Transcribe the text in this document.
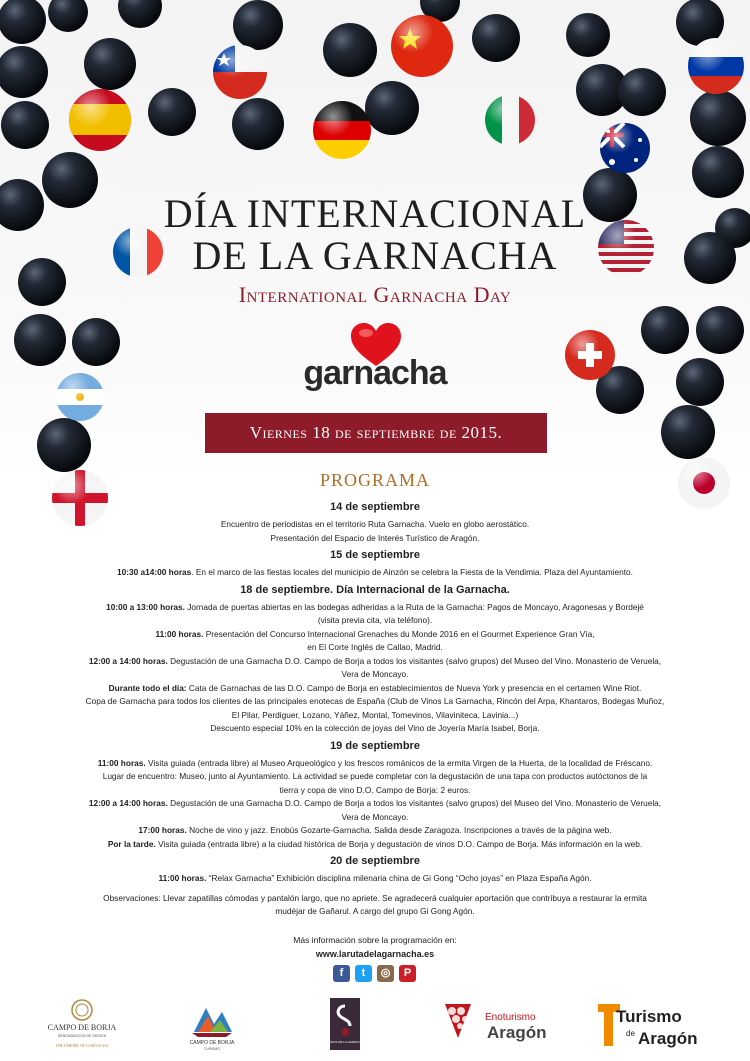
DÍA INTERNACIONAL
DE LA GARNACHA
International Garnacha Day
garnacha
Viernes 18 de septiembre de 2015.
PROGRAMA
14 de septiembre

Encuentro de periodistas en el territorio Ruta Garnacha. Vuelo en globo aerostático.

Presentación del Espacio de Interés Turístico de Aragón.

15 de septiembre

10:30 a14:00 horas. En el marco de las fiestas locales del municipio de Ainzón se celebra la Fiesta de la Vendimia. Plaza del Ayuntamiento.

18 de septiembre. Día Internacional de la Garnacha.

10:00 a 13:00 horas. Jornada de puertas abiertas en las bodegas adheridas a la Ruta de la Garnacha: Pagos de Moncayo, Aragonesas y Bordejé

(visita previa cita, vía teléfono).

11:00 horas. Presentación del Concurso Internacional Grenaches du Monde 2016 en el Gourmet Experience Gran Vía,

en El Corte Inglés de Callao, Madrid.

12:00 a 14:00 horas. Degustación de una Garnacha D.O. Campo de Borja a todos los visitantes (salvo grupos) del Museo del Vino. Monasterio de Veruela,

Vera de Moncayo.

Durante todo el día: Cata de Garnachas de las D.O. Campo de Borja en establecimientos de Nueva York y presencia en el certamen Wine Riot.

Copa de Garnacha para todos los clientes de las principales enotecas de España (Club de Vinos La Garnacha, Rincón del Arpa, Khantaros, Bodegas Muñoz,

El Pilar, Perdiguer, Lozano, Yáñez, Montal, Tomevinos, Vilavinitecа, Lavinia...)

Descuento especial 10% en la colección de joyas del Vino de Joyería María Isabel, Borja.

19 de septiembre

11:00 horas. Visita guiada (entrada libre) al Museo Arqueológico y los frescos románicos de la ermita Virgen de la Huerta, de la localidad de Fréscano.

Lugar de encuentro: Museo, junto al Ayuntamiento. La actividad se puede completar con la degustación de una tapa con productos autóctonos de la

tierra y copa de vino D.O. Campo de Borja: 2 euros.

12:00 a 14:00 horas. Degustación de una Garnacha D.O. Campo de Borja a todos los visitantes (salvo grupos) del Museo del Vino. Monasterio de Veruela,

Vera de Moncayo.

17:00 horas. Noche de vino y jazz. Enobús Gozarte-Garnacha. Salida desde Zaragoza. Inscripciones a través de la página web.

Por la tarde. Visita guiada (entrada libre) a la ciudad histórica de Borja y degustación de vinos D.O. Campo de Borja. Más información en la web.

20 de septiembre

11:00 horas. “Relax Garnacha” Exhibición disciplina milenaria china de Gi Gong “Ocho joyas” en Plaza España Agón.

Observaciones: Llevar zapatillas cómodas y pantalón largo, que no apriete. Se agradecerá cualquier aportación que contribuya a restaurar la ermita

mudéjar de Gañarul. A cargo del grupo Gi Gong Agón.

Más información sobre la programación en:
www.larutadelagarnacha.es
f	t	◎	P
CAMPO DE BORJA
DENOMINACIÓN DE ORIGEN
THE EMPIRE OF GARNACHA	CAMPO DE BORJA
TURISMO
LA RUTA DE LA GARNACHA
Enoturismo
Aragón
Turismo
de Aragón
